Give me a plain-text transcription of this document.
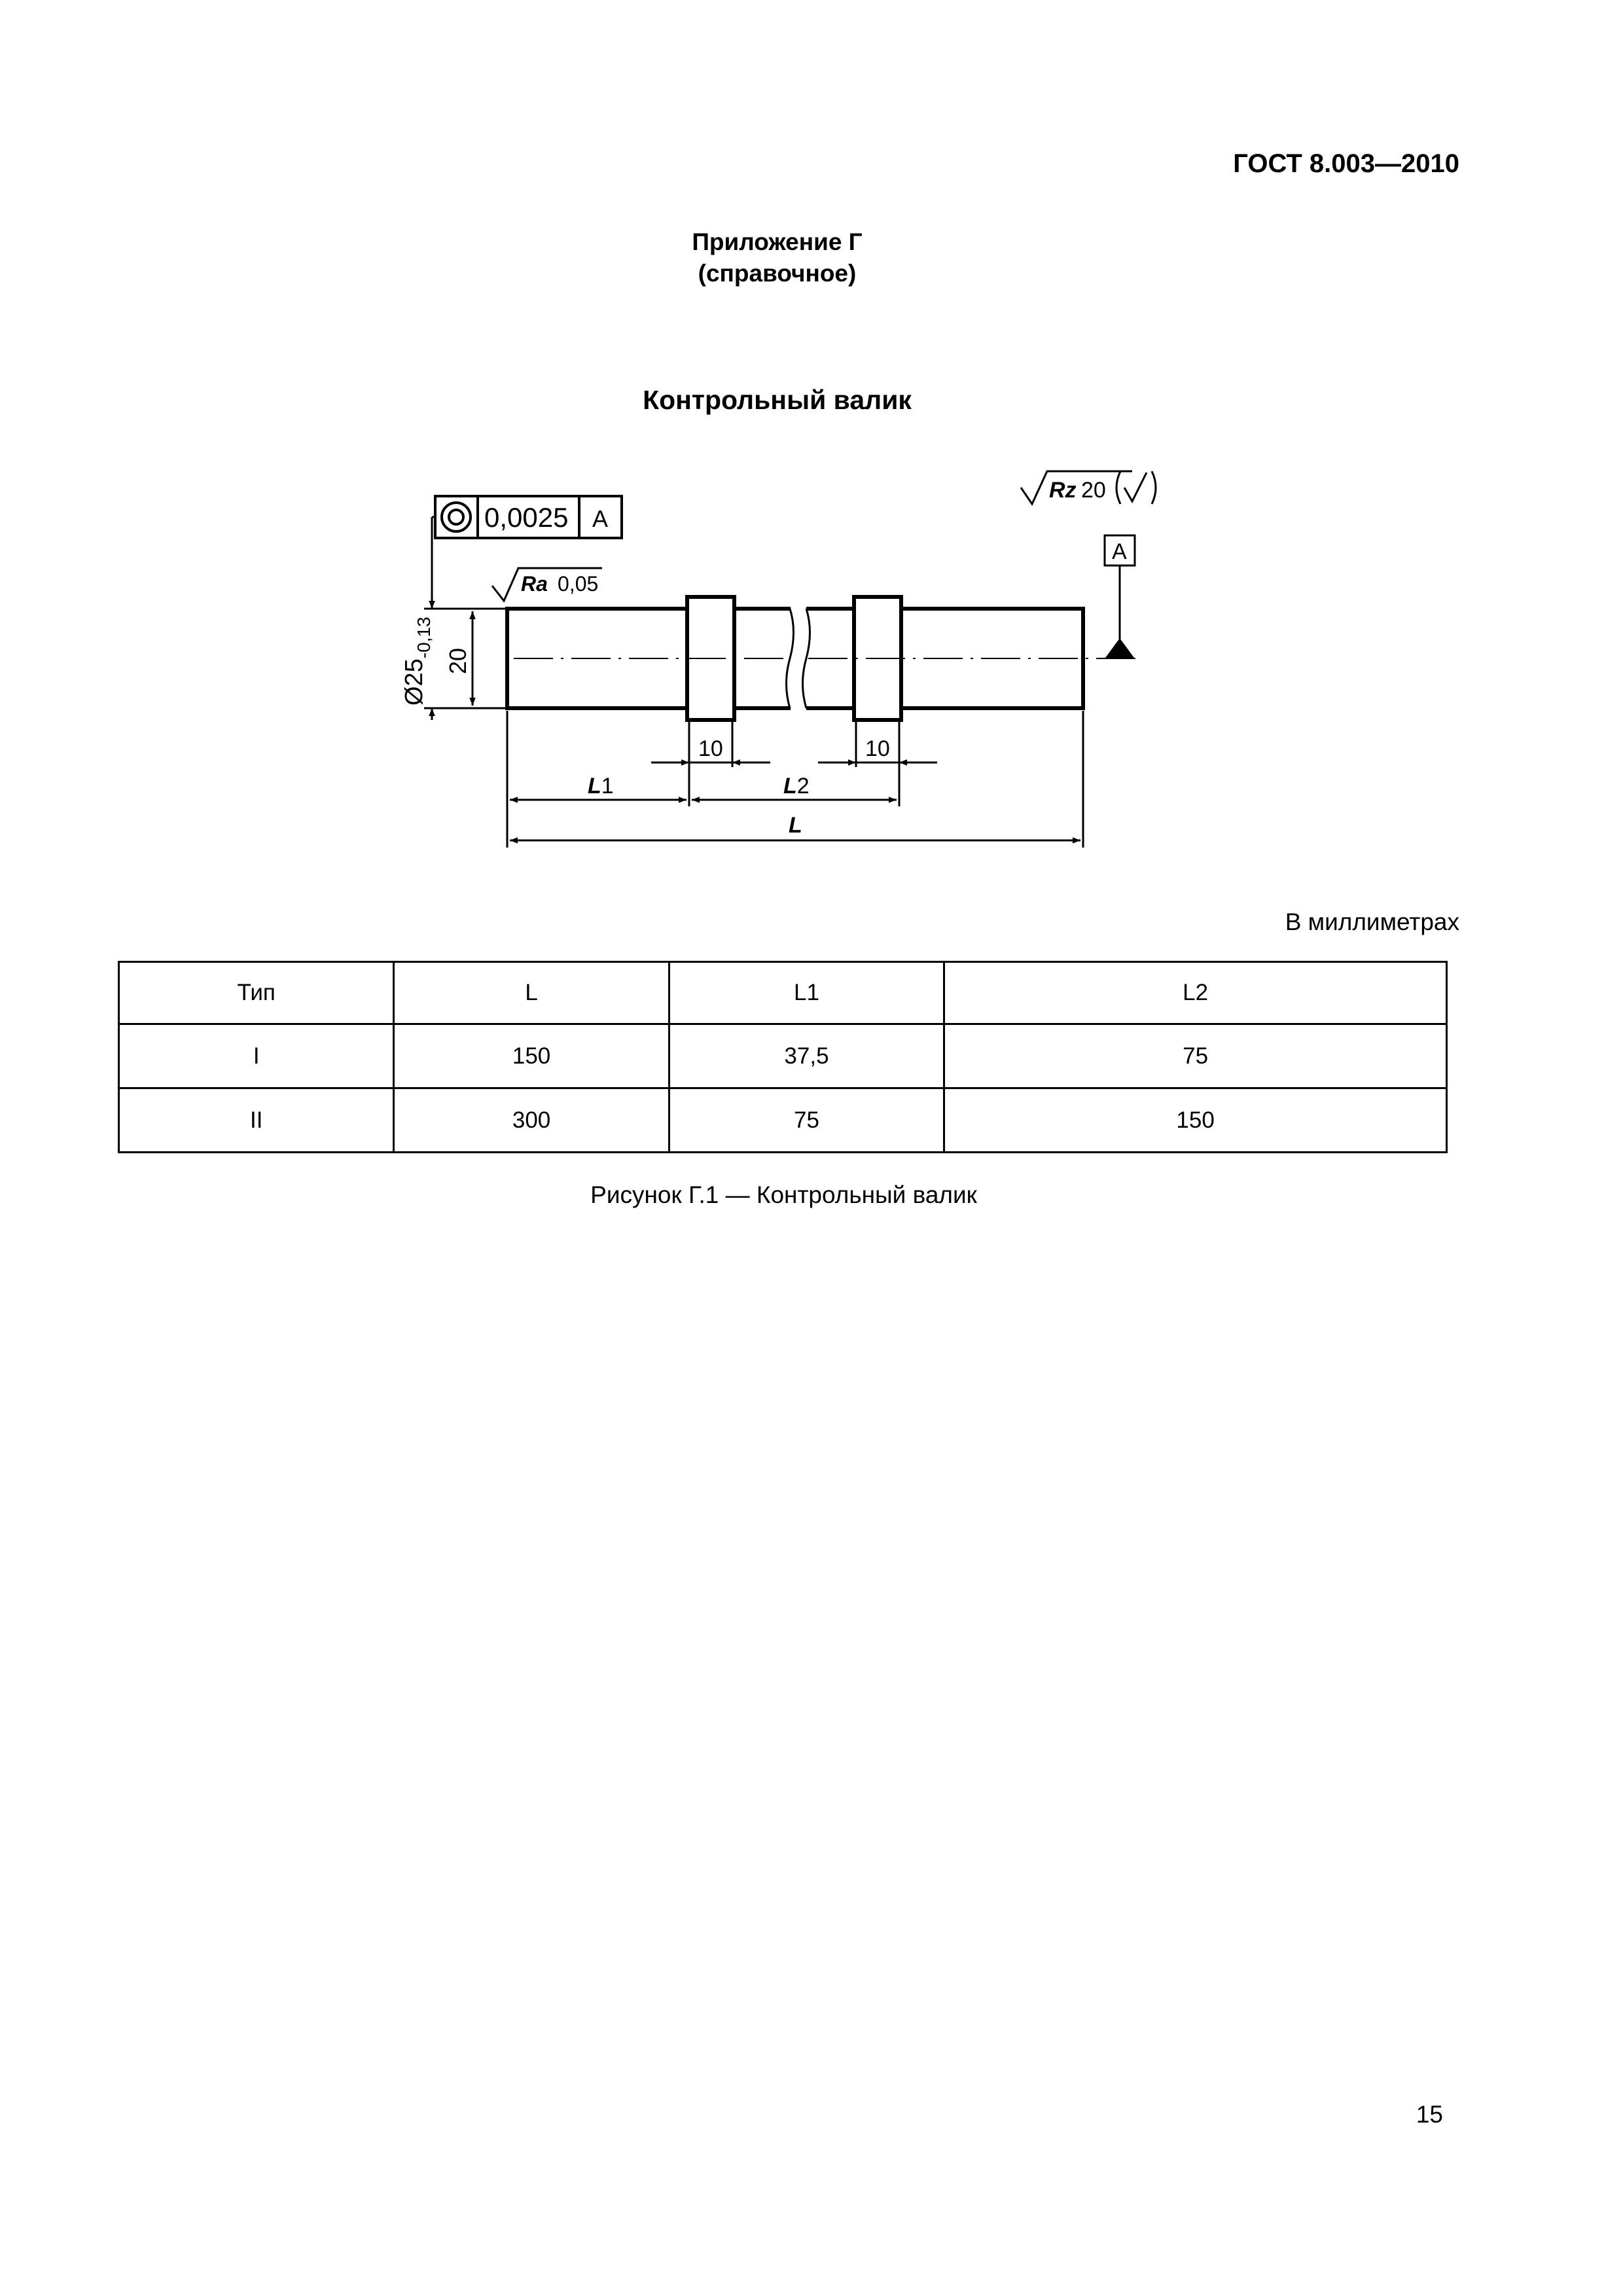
ГОСТ 8.003—2010
Приложение Г
(справочное)
Контрольный валик
0,0025 A
Rz 20
A
Ra 0,05
$Ø25_{-0,13}$
20
10	10
L1	L2
L
В миллиметрах
Тип	L	L1	L2
I	150	37,5	75
II	300	75	150
Рисунок Г.1 — Контрольный валик
15
